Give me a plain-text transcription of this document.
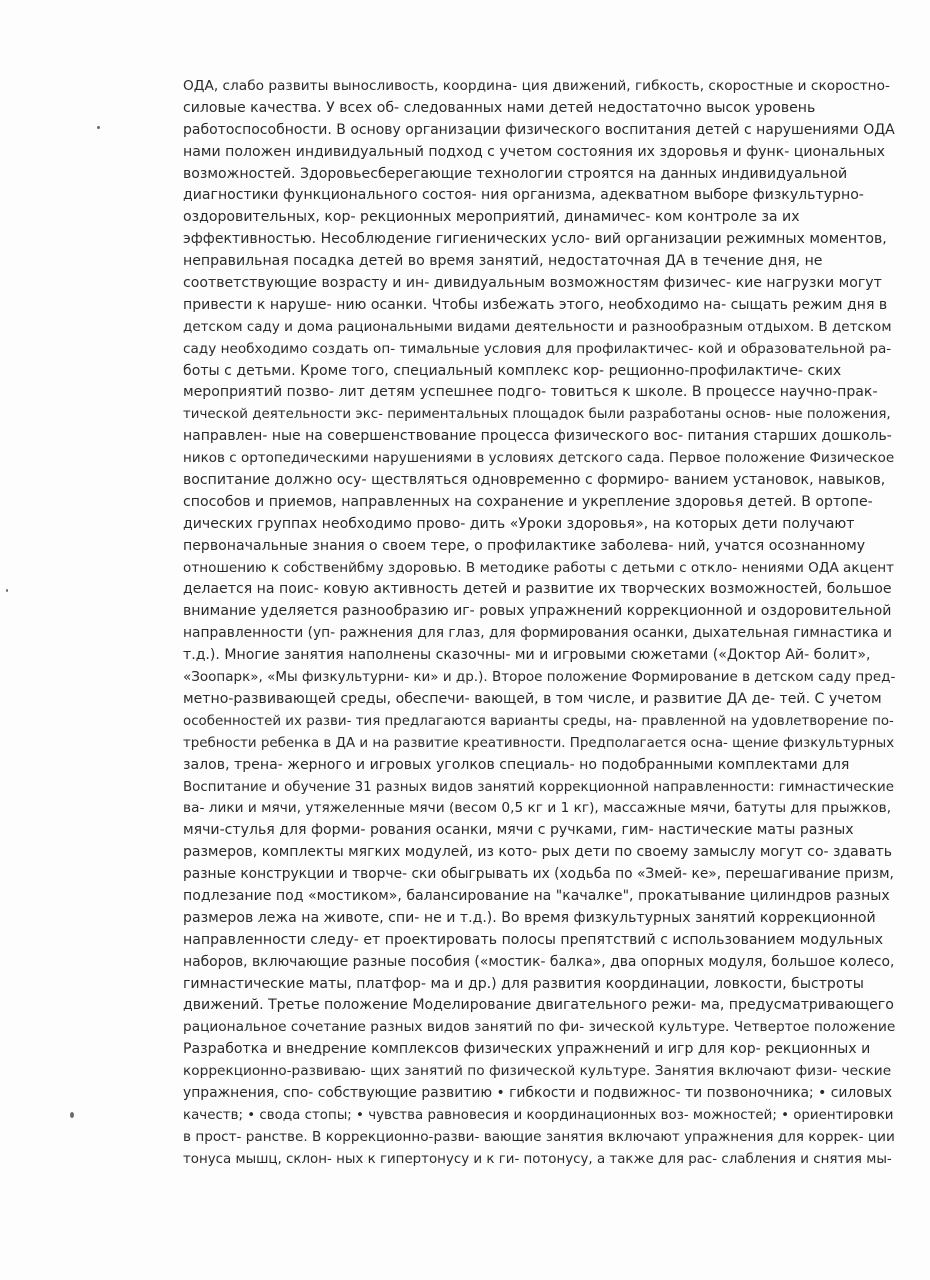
ОДА, слабо развиты выносливость, координа- ция движений, гибкость, скоростные и скоростно-
силовые качества. У всех об- следованных нами детей недостаточно высок уровень
работоспособности. В основу организации физического воспитания детей с нарушениями ОДА
нами положен индивидуальный подход с учетом состояния их здоровья и функ- циональных
возможностей. Здоровьесберегающие технологии строятся на данных индивидуальной
диагностики функционального состоя- ния организма, адекватном выборе физкультурно-
оздоровительных, кор- рекционных мероприятий, динамичес- ком контроле за их
эффективностью. Несоблюдение гигиенических усло- вий организации режимных моментов,
неправильная посадка детей во время занятий, недостаточная ДА в течение дня, не
соответствующие возрасту и ин- дивидуальным возможностям физичес- кие нагрузки могут
привести к наруше- нию осанки. Чтобы избежать этого, необходимо на- сыщать режим дня в
детском саду и дома рациональными видами деятельности и разнообразным отдыхом. В детском
саду необходимо создать оп- тимальные условия для профилактичес- кой и образовательной ра-
боты с детьми. Кроме того, специальный комплекс кор- рещионно-профилактиче- ских
мероприятий позво- лит детям успешнее подго- товиться к школе. В процессе научно-прак-
тической деятельности экс- периментальных площадок были разработаны основ- ные положения,
направлен- ные на совершенствование процесса физического вос- питания старших дошколь-
ников с ортопедическими нарушениями в условиях детского сада. Первое положение Физическое
воспитание должно осу- ществляться одновременно с формиро- ванием установок, навыков,
способов и приемов, направленных на сохранение и укрепление здоровья детей. В ортопе-
дических группах необходимо прово- дить «Уроки здоровья», на которых дети получают
первоначальные знания о своем тере, о профилактике заболева- ний, учатся осознанному
отношению к собственйбму здоровью. В методике работы с детьми с откло- нениями ОДА акцент
делается на поис- ковую активность детей и развитие их творческих возможностей, большое
внимание уделяется разнообразию иг- ровых упражнений коррекционной и оздоровительной
направленности (уп- ражнения для глаз, для формирования осанки, дыхательная гимнастика и
т.д.). Многие занятия наполнены сказочны- ми и игровыми сюжетами («Доктор Ай- болит»,
«Зоопарк», «Мы физкультурни- ки» и др.). Второе положение Формирование в детском саду пред-
метно-развивающей среды, обеспечи- вающей, в том числе, и развитие ДА де- тей. С учетом
особенностей их разви- тия предлагаются варианты среды, на- правленной на удовлетворение по-
требности ребенка в ДА и на развитие креативности. Предполагается осна- щение физкультурных
залов, трена- жерного и игровых уголков специаль- но подобранными комплектами для
Воспитание и обучение 31 разных видов занятий коррекционной направленности: гимнастические
ва- лики и мячи, утяжеленные мячи (весом 0,5 кг и 1 кг), массажные мячи, батуты для прыжков,
мячи-стулья для форми- рования осанки, мячи с ручками, гим- настические маты разных
размеров, комплекты мягких модулей, из кото- рых дети по своему замыслу могут со- здавать
разные конструкции и творче- ски обыгрывать их (ходьба по «Змей- ке», перешагивание призм,
подлезание под «мостиком», балансирование на "качалке", прокатывание цилиндров разных
размеров лежа на животе, спи- не и т.д.). Во время физкультурных занятий коррекционной
направленности следу- ет проектировать полосы препятствий с использованием модульных
наборов, включающие разные пособия («мостик- балка», два опорных модуля, большое колесо,
гимнастические маты, платфор- ма и др.) для развития координации, ловкости, быстроты
движений. Третье положение Моделирование двигательного режи- ма, предусматривающего
рациональное сочетание разных видов занятий по фи- зической культуре. Четвертое положение
Разработка и внедрение комплексов физических упражнений и игр для кор- рекционных и
коррекционно-развиваю- щих занятий по физической культуре. Занятия включают физи- ческие
упражнения, спо- собствующие развитию • гибкости и подвижнос- ти позвоночника; • силовых
качеств; • свода стопы; • чувства равновесия и координационных воз- можностей; • ориентировки
в прост- ранстве. В коррекционно-разви- вающие занятия включают упражнения для коррек- ции
тонуса мышц, склон- ных к гипертонусу и к ги- потонусу, а также для рас- слабления и снятия мы-
